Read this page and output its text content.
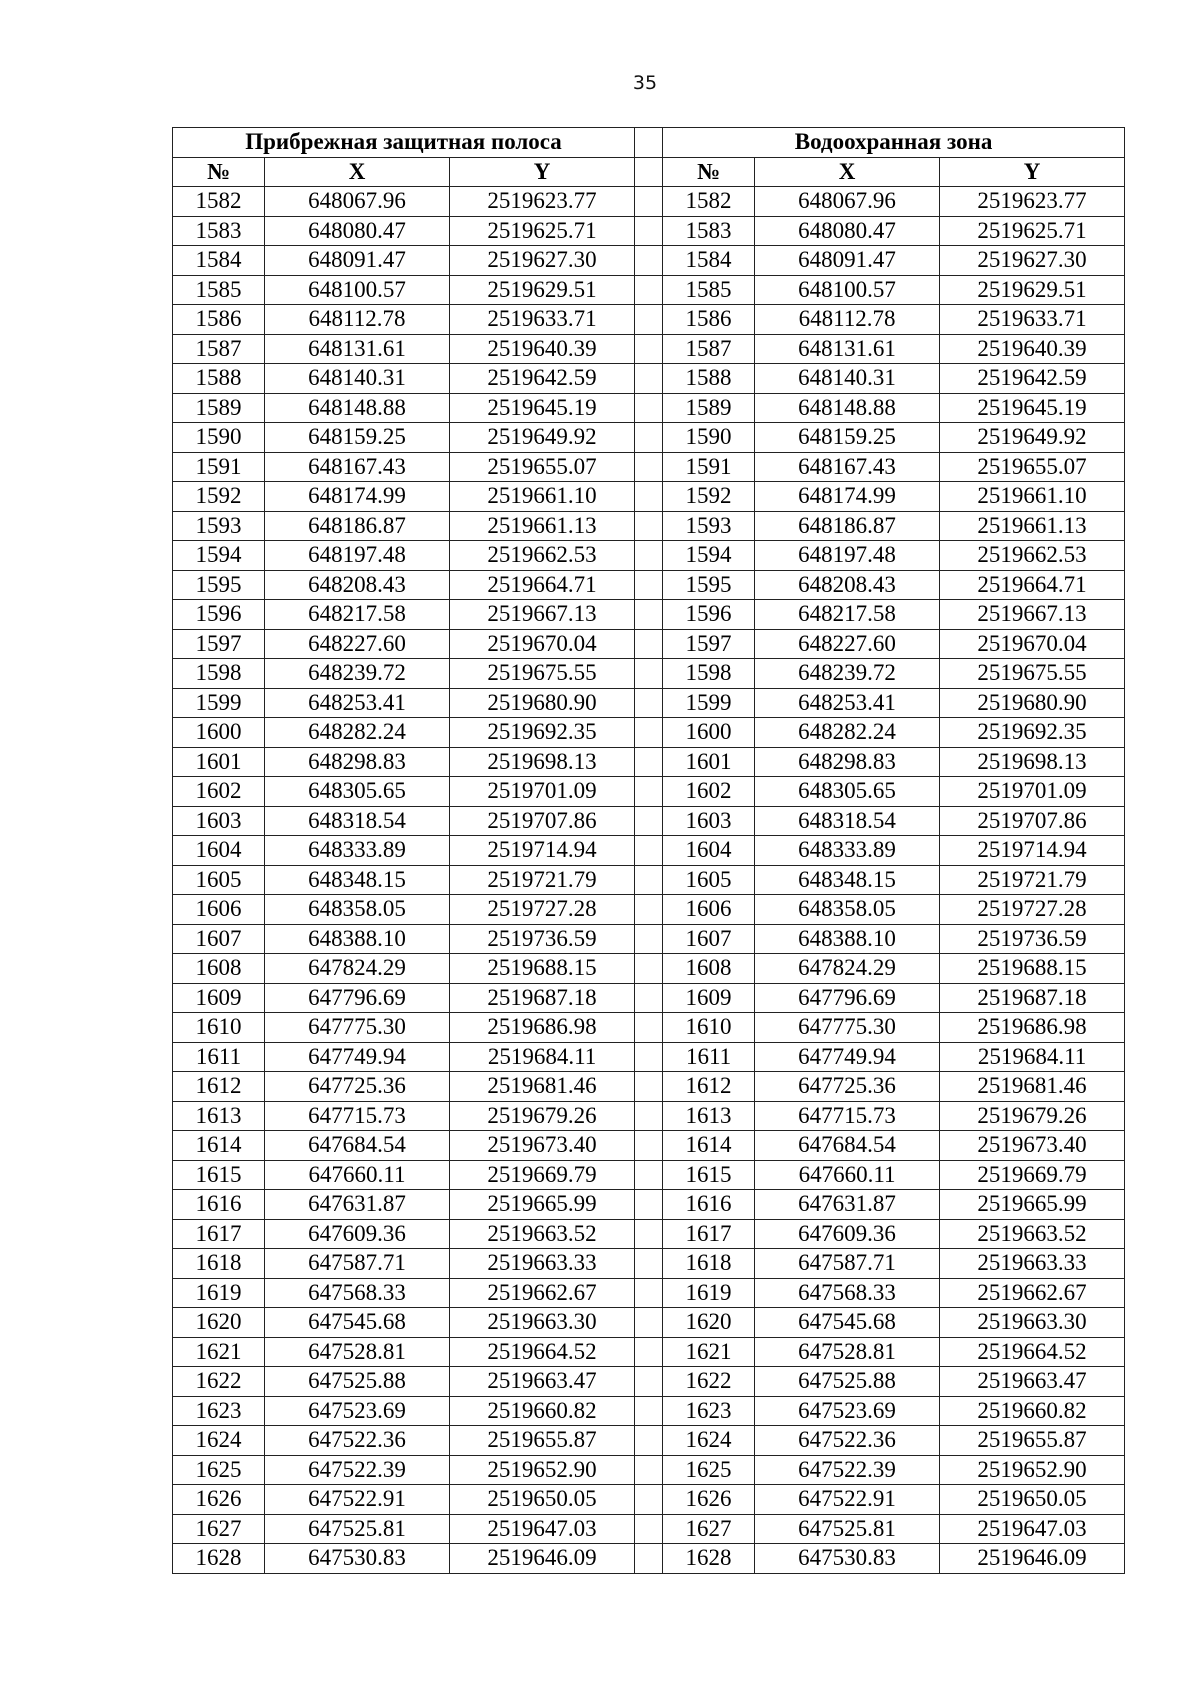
35
Прибрежная защитная полоса				Водоохранная зона		
№	X	Y		№	X	Y
1582	648067.96	2519623.77		1582	648067.96	2519623.77
1583	648080.47	2519625.71		1583	648080.47	2519625.71
1584	648091.47	2519627.30		1584	648091.47	2519627.30
1585	648100.57	2519629.51		1585	648100.57	2519629.51
1586	648112.78	2519633.71		1586	648112.78	2519633.71
1587	648131.61	2519640.39		1587	648131.61	2519640.39
1588	648140.31	2519642.59		1588	648140.31	2519642.59
1589	648148.88	2519645.19		1589	648148.88	2519645.19
1590	648159.25	2519649.92		1590	648159.25	2519649.92
1591	648167.43	2519655.07		1591	648167.43	2519655.07
1592	648174.99	2519661.10		1592	648174.99	2519661.10
1593	648186.87	2519661.13		1593	648186.87	2519661.13
1594	648197.48	2519662.53		1594	648197.48	2519662.53
1595	648208.43	2519664.71		1595	648208.43	2519664.71
1596	648217.58	2519667.13		1596	648217.58	2519667.13
1597	648227.60	2519670.04		1597	648227.60	2519670.04
1598	648239.72	2519675.55		1598	648239.72	2519675.55
1599	648253.41	2519680.90		1599	648253.41	2519680.90
1600	648282.24	2519692.35		1600	648282.24	2519692.35
1601	648298.83	2519698.13		1601	648298.83	2519698.13
1602	648305.65	2519701.09		1602	648305.65	2519701.09
1603	648318.54	2519707.86		1603	648318.54	2519707.86
1604	648333.89	2519714.94		1604	648333.89	2519714.94
1605	648348.15	2519721.79		1605	648348.15	2519721.79
1606	648358.05	2519727.28		1606	648358.05	2519727.28
1607	648388.10	2519736.59		1607	648388.10	2519736.59
1608	647824.29	2519688.15		1608	647824.29	2519688.15
1609	647796.69	2519687.18		1609	647796.69	2519687.18
1610	647775.30	2519686.98		1610	647775.30	2519686.98
1611	647749.94	2519684.11		1611	647749.94	2519684.11
1612	647725.36	2519681.46		1612	647725.36	2519681.46
1613	647715.73	2519679.26		1613	647715.73	2519679.26
1614	647684.54	2519673.40		1614	647684.54	2519673.40
1615	647660.11	2519669.79		1615	647660.11	2519669.79
1616	647631.87	2519665.99		1616	647631.87	2519665.99
1617	647609.36	2519663.52		1617	647609.36	2519663.52
1618	647587.71	2519663.33		1618	647587.71	2519663.33
1619	647568.33	2519662.67		1619	647568.33	2519662.67
1620	647545.68	2519663.30		1620	647545.68	2519663.30
1621	647528.81	2519664.52		1621	647528.81	2519664.52
1622	647525.88	2519663.47		1622	647525.88	2519663.47
1623	647523.69	2519660.82		1623	647523.69	2519660.82
1624	647522.36	2519655.87		1624	647522.36	2519655.87
1625	647522.39	2519652.90		1625	647522.39	2519652.90
1626	647522.91	2519650.05		1626	647522.91	2519650.05
1627	647525.81	2519647.03		1627	647525.81	2519647.03
1628	647530.83	2519646.09		1628	647530.83	2519646.09
